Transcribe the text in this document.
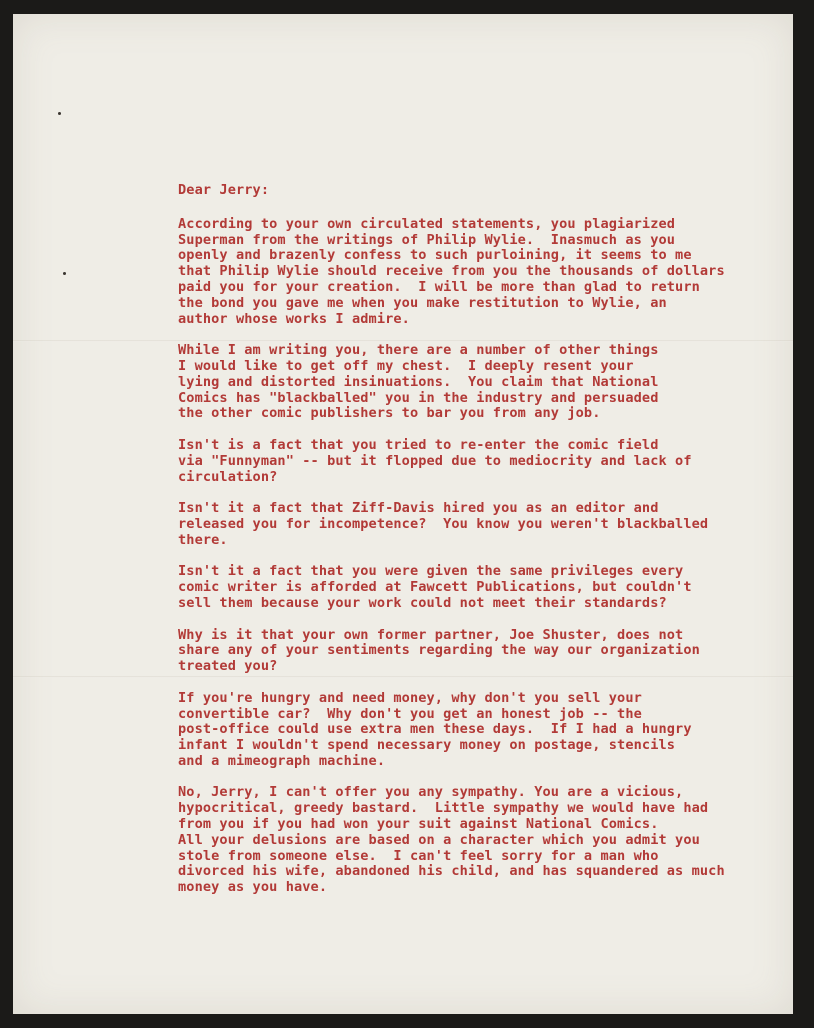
Dear Jerry:

According to your own circulated statements, you plagiarized
Superman from the writings of Philip Wylie.  Inasmuch as you
openly and brazenly confess to such purloining, it seems to me
that Philip Wylie should receive from you the thousands of dollars
paid you for your creation.  I will be more than glad to return
the bond you gave me when you make restitution to Wylie, an
author whose works I admire.

While I am writing you, there are a number of other things
I would like to get off my chest.  I deeply resent your
lying and distorted insinuations.  You claim that National
Comics has "blackballed" you in the industry and persuaded
the other comic publishers to bar you from any job.

Isn't is a fact that you tried to re-enter the comic field
via "Funnyman" -- but it flopped due to mediocrity and lack of
circulation?

Isn't it a fact that Ziff-Davis hired you as an editor and
released you for incompetence?  You know you weren't blackballed
there.

Isn't it a fact that you were given the same privileges every
comic writer is afforded at Fawcett Publications, but couldn't
sell them because your work could not meet their standards?

Why is it that your own former partner, Joe Shuster, does not
share any of your sentiments regarding the way our organization
treated you?

If you're hungry and need money, why don't you sell your
convertible car?  Why don't you get an honest job -- the
post-office could use extra men these days.  If I had a hungry
infant I wouldn't spend necessary money on postage, stencils
and a mimeograph machine.

No, Jerry, I can't offer you any sympathy. You are a vicious,
hypocritical, greedy bastard.  Little sympathy we would have had
from you if you had won your suit against National Comics.
All your delusions are based on a character which you admit you
stole from someone else.  I can't feel sorry for a man who
divorced his wife, abandoned his child, and has squandered as much
money as you have.
